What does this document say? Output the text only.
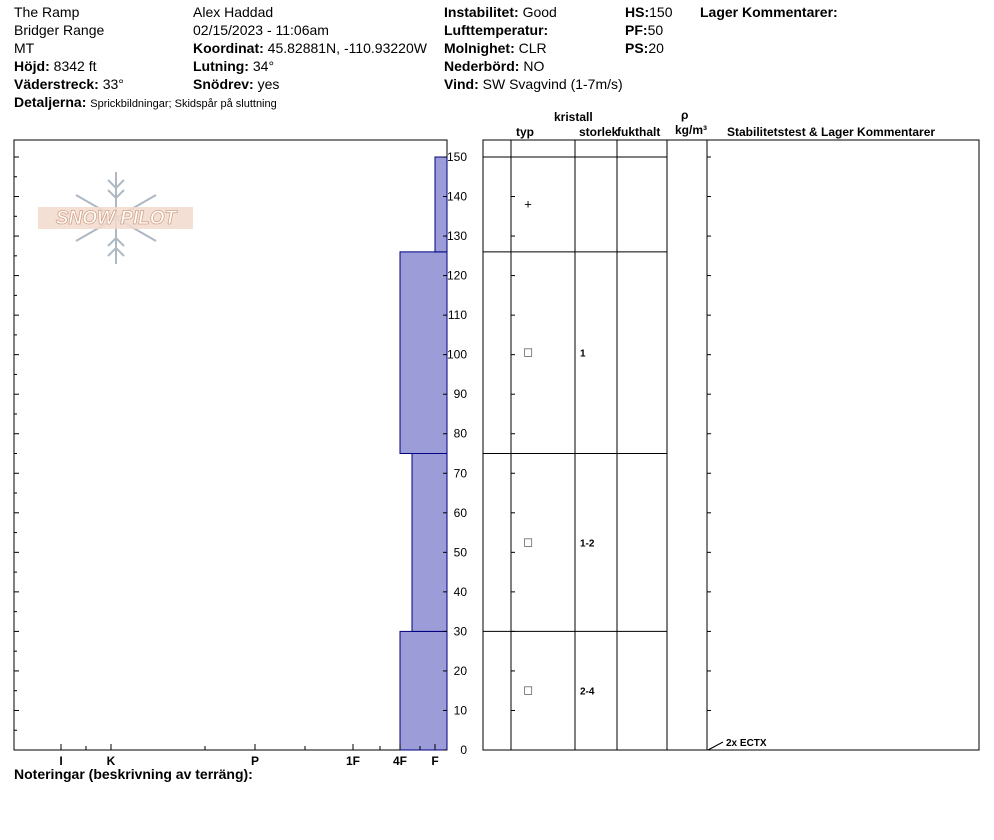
The Ramp
Bridger Range
MT
Höjd: 8342 ft
Väderstreck: 33°
Detaljerna: Sprickbildningar; Skidspår på sluttning
Alex Haddad
02/15/2023 - 11:06am
Koordinat: 45.82881N, -110.93220W
Lutning: 34°
Snödrev: yes
Instabilitet: Good
Lufttemperatur:
Molnighet: CLR
Nederbörd: NO
Vind: SW Svagvind (1-7m/s)
HS:150
PF:50
PS:20
Lager Kommentarer:
kristall
typ	storlek
fukthalt
ρ
kg/m³ Stabilitetstest & Lager Kommentarer
SNOW PILOT
0
10
20
30
40
50
60
70
80
90
100
110
120
130
140
150
I	K	P	1F	4F F
□	2-4
□	1-2
□	1
+
2x ECTX
Noteringar (beskrivning av terräng):
